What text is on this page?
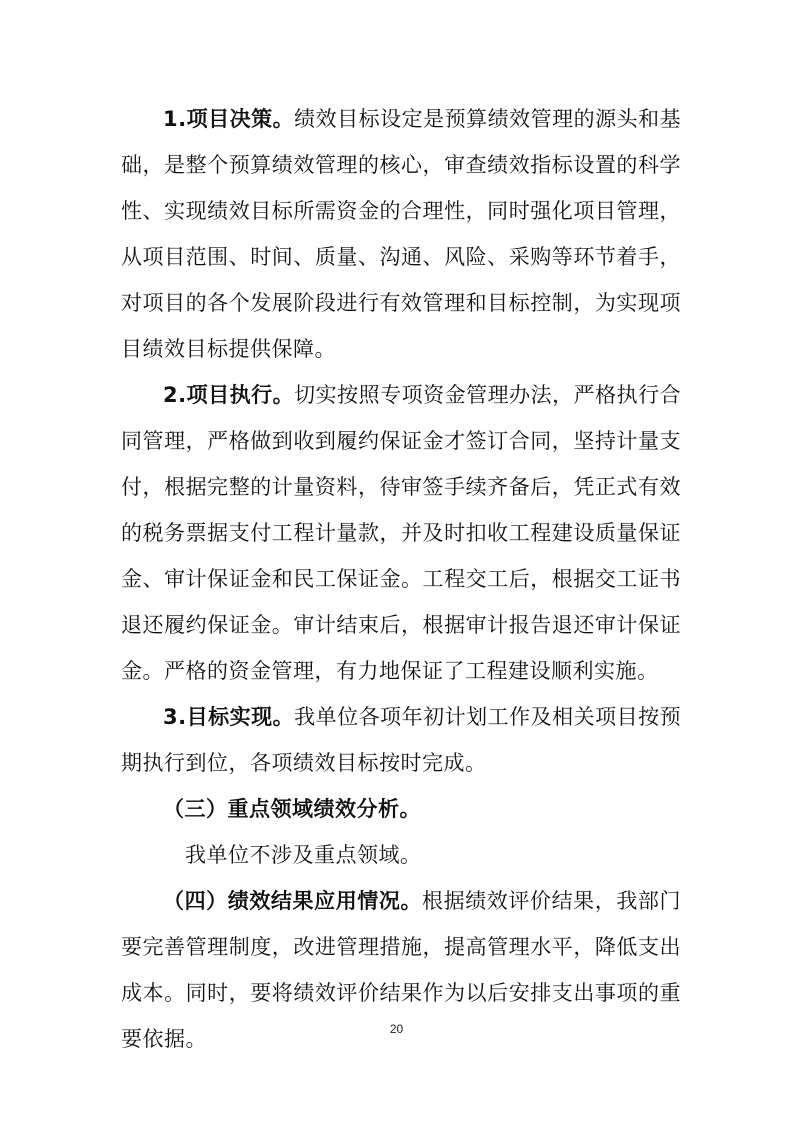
1.项目决策。绩效目标设定是预算绩效管理的源头和基
础，是整个预算绩效管理的核心，审查绩效指标设置的科学
性、实现绩效目标所需资金的合理性，同时强化项目管理，
从项目范围、时间、质量、沟通、风险、采购等环节着手，
对项目的各个发展阶段进行有效管理和目标控制，为实现项
目绩效目标提供保障。
2.项目执行。切实按照专项资金管理办法，严格执行合
同管理，严格做到收到履约保证金才签订合同，坚持计量支
付，根据完整的计量资料，待审签手续齐备后，凭正式有效
的税务票据支付工程计量款，并及时扣收工程建设质量保证
金、审计保证金和民工保证金。工程交工后，根据交工证书
退还履约保证金。审计结束后，根据审计报告退还审计保证
金。严格的资金管理，有力地保证了工程建设顺利实施。
3.目标实现。我单位各项年初计划工作及相关项目按预
期执行到位，各项绩效目标按时完成。
（三）重点领域绩效分析。
我单位不涉及重点领域。
（四）绩效结果应用情况。根据绩效评价结果，我部门
要完善管理制度，改进管理措施，提高管理水平，降低支出
成本。同时，要将绩效评价结果作为以后安排支出事项的重
要依据。	20
